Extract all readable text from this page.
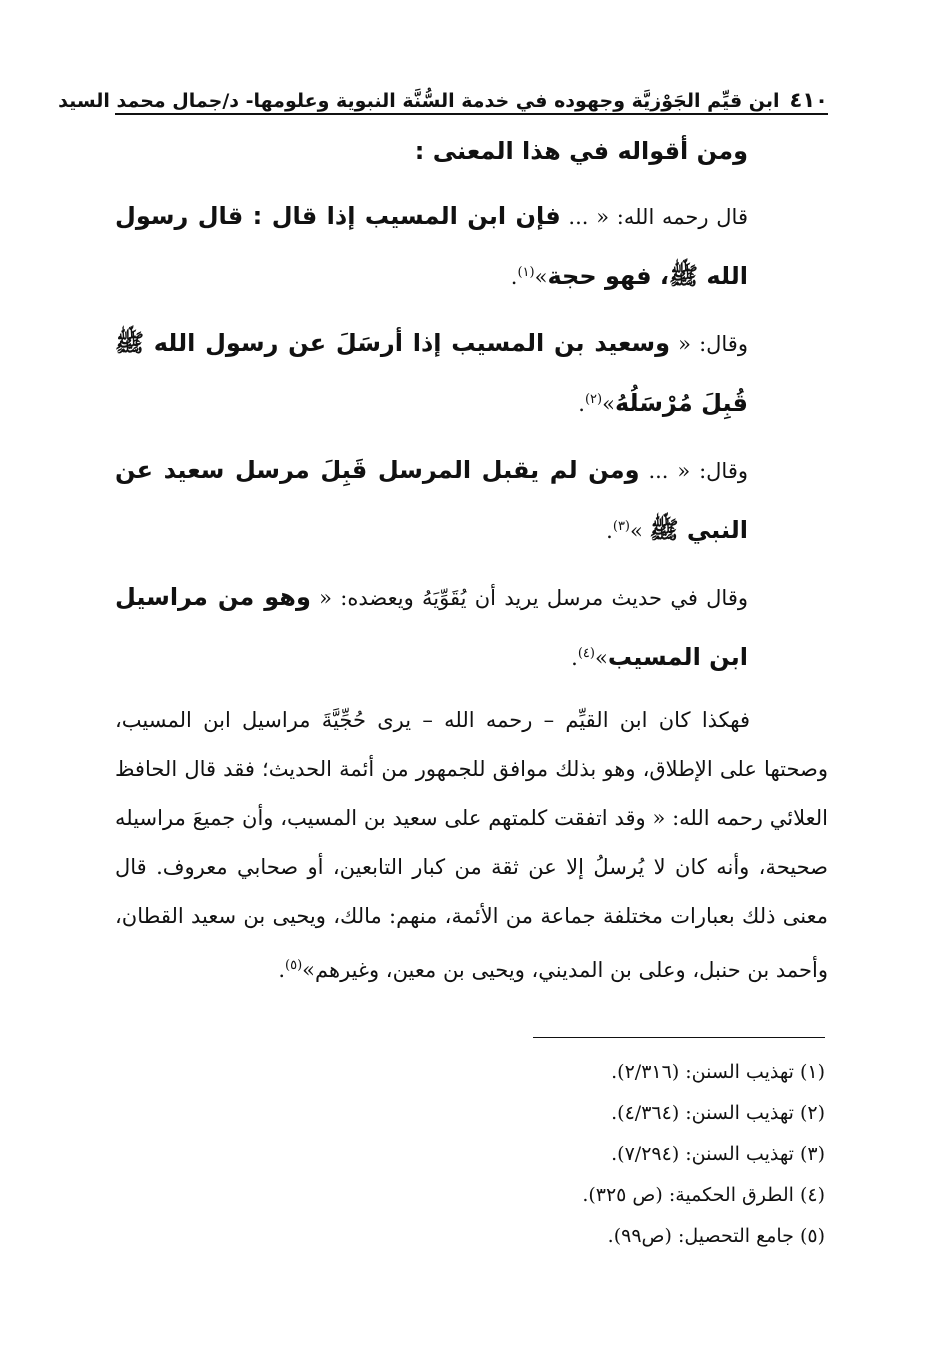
٤١٠
ابن قيِّم الجَوْزيَّة وجهوده في خدمة السُّنَّة النبوية وعلومها- د/جمال محمد السيد

ومن أقواله في هذا المعنى :

قال رحمه الله: « ... فإن ابن المسيب إذا قال : قال رسول الله ﷺ، فهو حجة»$^{(١)}$.

وقال: « وسعيد بن المسيب إذا أرسَلَ عن رسول الله ﷺ قُبِلَ مُرْسَلُهُ»$^{(٢)}$.

وقال: « ... ومن لم يقبل المرسل قَبِلَ مرسل سعيد عن النبي ﷺ »$^{(٣)}$.

وقال في حديث مرسل يريد أن يُقَوِّيَهُ ويعضده: « وهو من مراسيل ابن المسيب»$^{(٤)}$.

فهكذا كان ابن القيِّم – رحمه الله – يرى حُجِّيَّةَ مراسيل ابن المسيب، وصحتها على الإطلاق، وهو بذلك موافق للجمهور من أئمة الحديث؛ فقد قال الحافظ العلائي رحمه الله: « وقد اتفقت كلمتهم على سعيد بن المسيب، وأن جميعَ مراسيله صحيحة، وأنه كان لا يُرسلُ إلا عن ثقة من كبار التابعين، أو صحابي معروف. قال معنى ذلك بعبارات مختلفة جماعة من الأئمة، منهم: مالك، ويحيى بن سعيد القطان، وأحمد بن حنبل، وعلى بن المديني، ويحيى بن معين، وغيرهم»$^{(٥)}$.

(١) تهذيب السنن: (٢/٣١٦).

(٢) تهذيب السنن: (٤/٣٦٤).

(٣) تهذيب السنن: (٧/٢٩٤).

(٤) الطرق الحكمية: (ص ٣٢٥).

(٥) جامع التحصيل: (ص٩٩).
